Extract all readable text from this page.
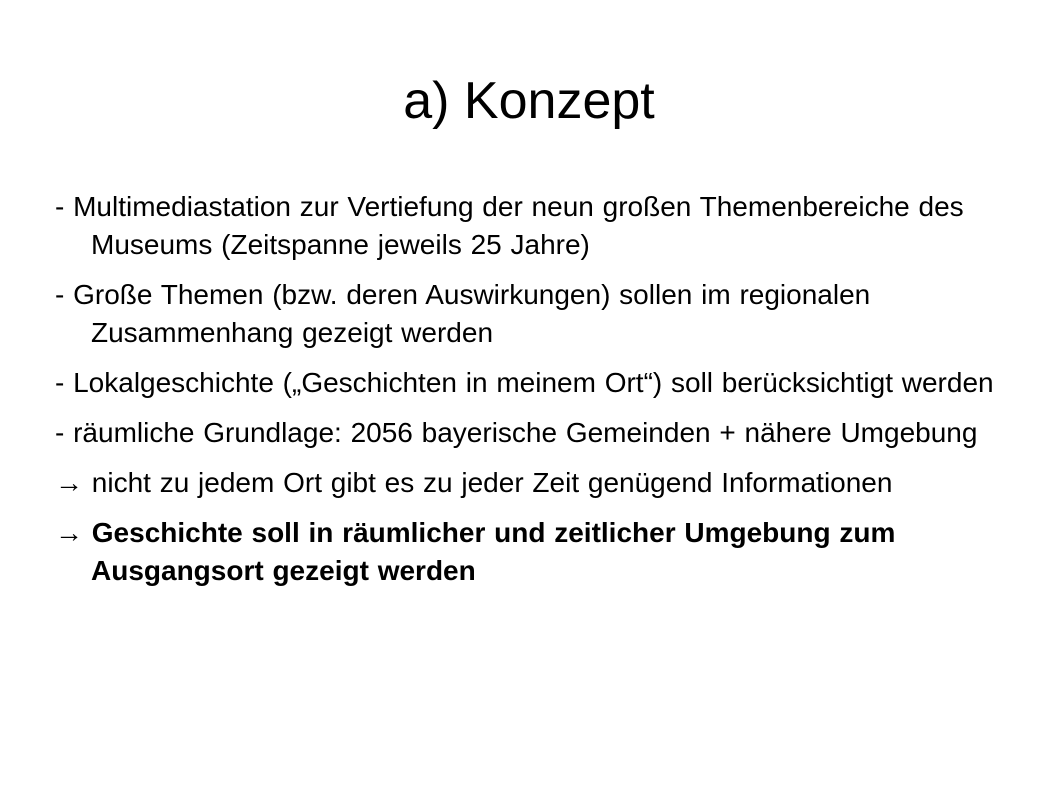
a) Konzept
- Multimediastation zur Vertiefung der neun großen Themenbereiche des Museums (Zeitspanne jeweils 25 Jahre)
- Große Themen (bzw. deren Auswirkungen) sollen im regionalen Zusammenhang gezeigt werden
- Lokalgeschichte („Geschichten in meinem Ort“) soll berücksichtigt werden
- räumliche Grundlage: 2056 bayerische Gemeinden + nähere Umgebung
→ nicht zu jedem Ort gibt es zu jeder Zeit genügend Informationen
→ Geschichte soll in räumlicher und zeitlicher Umgebung zum Ausgangsort gezeigt werden
